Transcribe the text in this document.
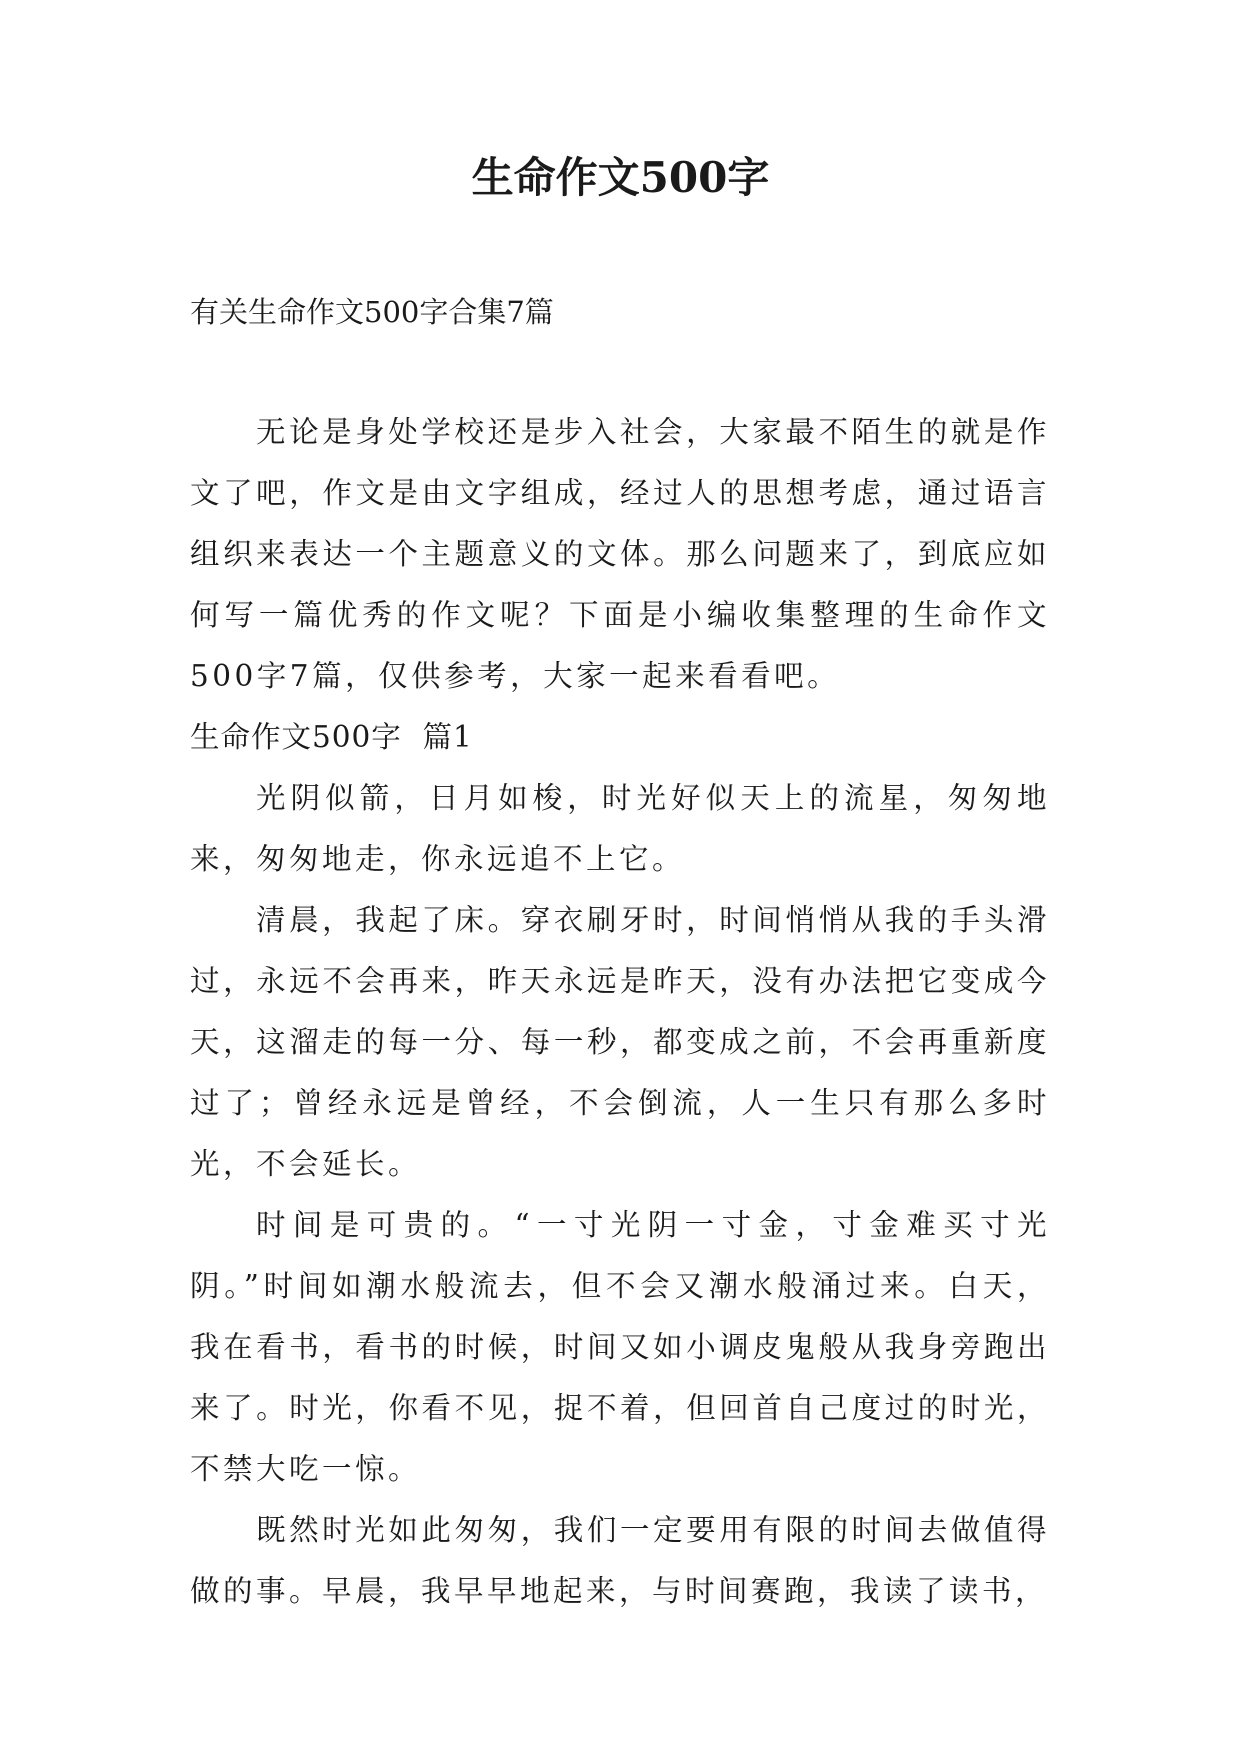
生命作文500字
有关生命作文500字合集7篇

无论是身处学校还是步入社会，大家最不陌生的就是作文了吧，作文是由文字组成，经过人的思想考虑，通过语言组织来表达一个主题意义的文体。那么问题来了，到底应如何写一篇优秀的作文呢？下面是小编收集整理的生命作文500字7篇，仅供参考，大家一起来看看吧。

生命作文500字  篇1

光阴似箭，日月如梭，时光好似天上的流星，匆匆地来，匆匆地走，你永远追不上它。

清晨，我起了床。穿衣刷牙时，时间悄悄从我的手头滑过，永远不会再来，昨天永远是昨天，没有办法把它变成今天，这溜走的每一分、每一秒，都变成之前，不会再重新度过了；曾经永远是曾经，不会倒流，人一生只有那么多时光，不会延长。

时间是可贵的。“一寸光阴一寸金，寸金难买寸光阴。”时间如潮水般流去，但不会又潮水般涌过来。白天，我在看书，看书的时候，时间又如小调皮鬼般从我身旁跑出来了。时光，你看不见，捉不着，但回首自己度过的时光，不禁大吃一惊。

既然时光如此匆匆，我们一定要用有限的时间去做值得做的事。早晨，我早早地起来，与时间赛跑，我读了读书，
